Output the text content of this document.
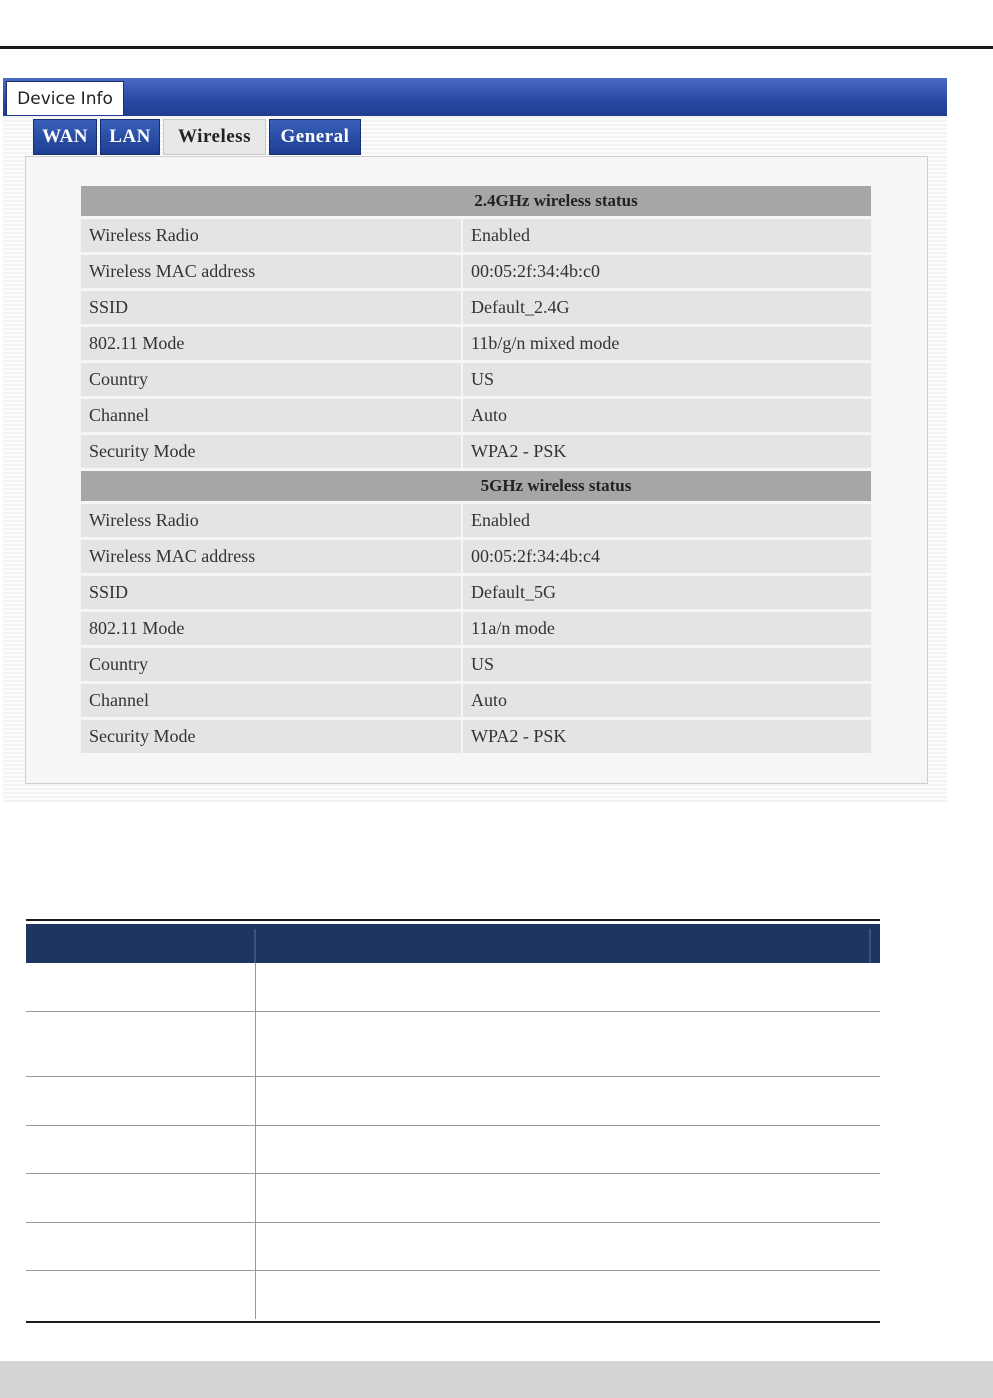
Device Info
WAN	LAN	Wireless	General
2.4GHz wireless status
Wireless Radio	Enabled
Wireless MAC address	00:05:2f:34:4b:c0
SSID	Default_2.4G
802.11 Mode	11b/g/n mixed mode
Country	US
Channel	Auto
Security Mode	WPA2 - PSK
5GHz wireless status
Wireless Radio	Enabled
Wireless MAC address	00:05:2f:34:4b:c4
SSID	Default_5G
802.11 Mode	11a/n mode
Country	US
Channel	Auto
Security Mode	WPA2 - PSK
